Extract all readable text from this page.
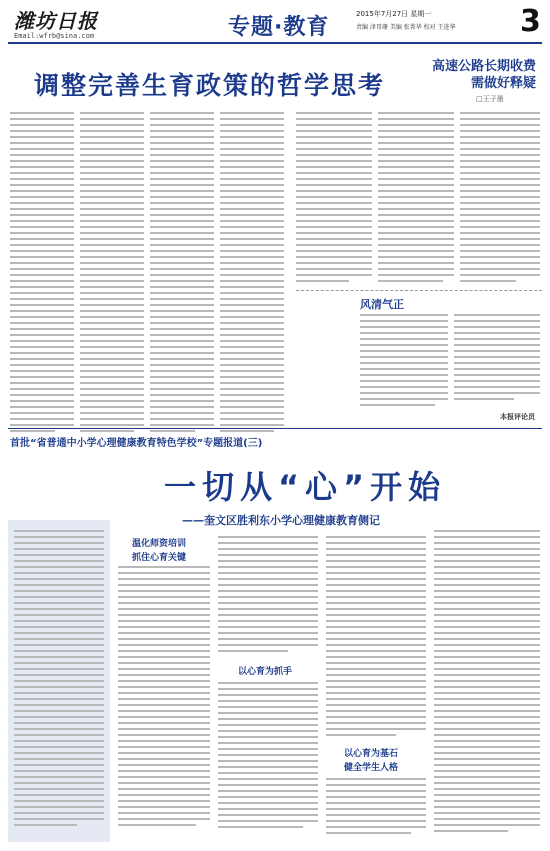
潍坊日报
Email:wfrb@sina.com	专题·教育
2015年7月27日 星期一
责编 津哥珊 美编 张菁华 校对 王进华 3
调整完善生育政策的哲学思考
高速公路长期收费
需做好释疑
□王子墨
风清气正
本报评论员
首批“省普通中小学心理健康教育特色学校”专题报道(三)
一切从“心”开始
——奎文区胜利东小学心理健康教育侧记
温化师资培训
抓住心育关键
以心育为抓手
以心育为基石
健全学生人格
